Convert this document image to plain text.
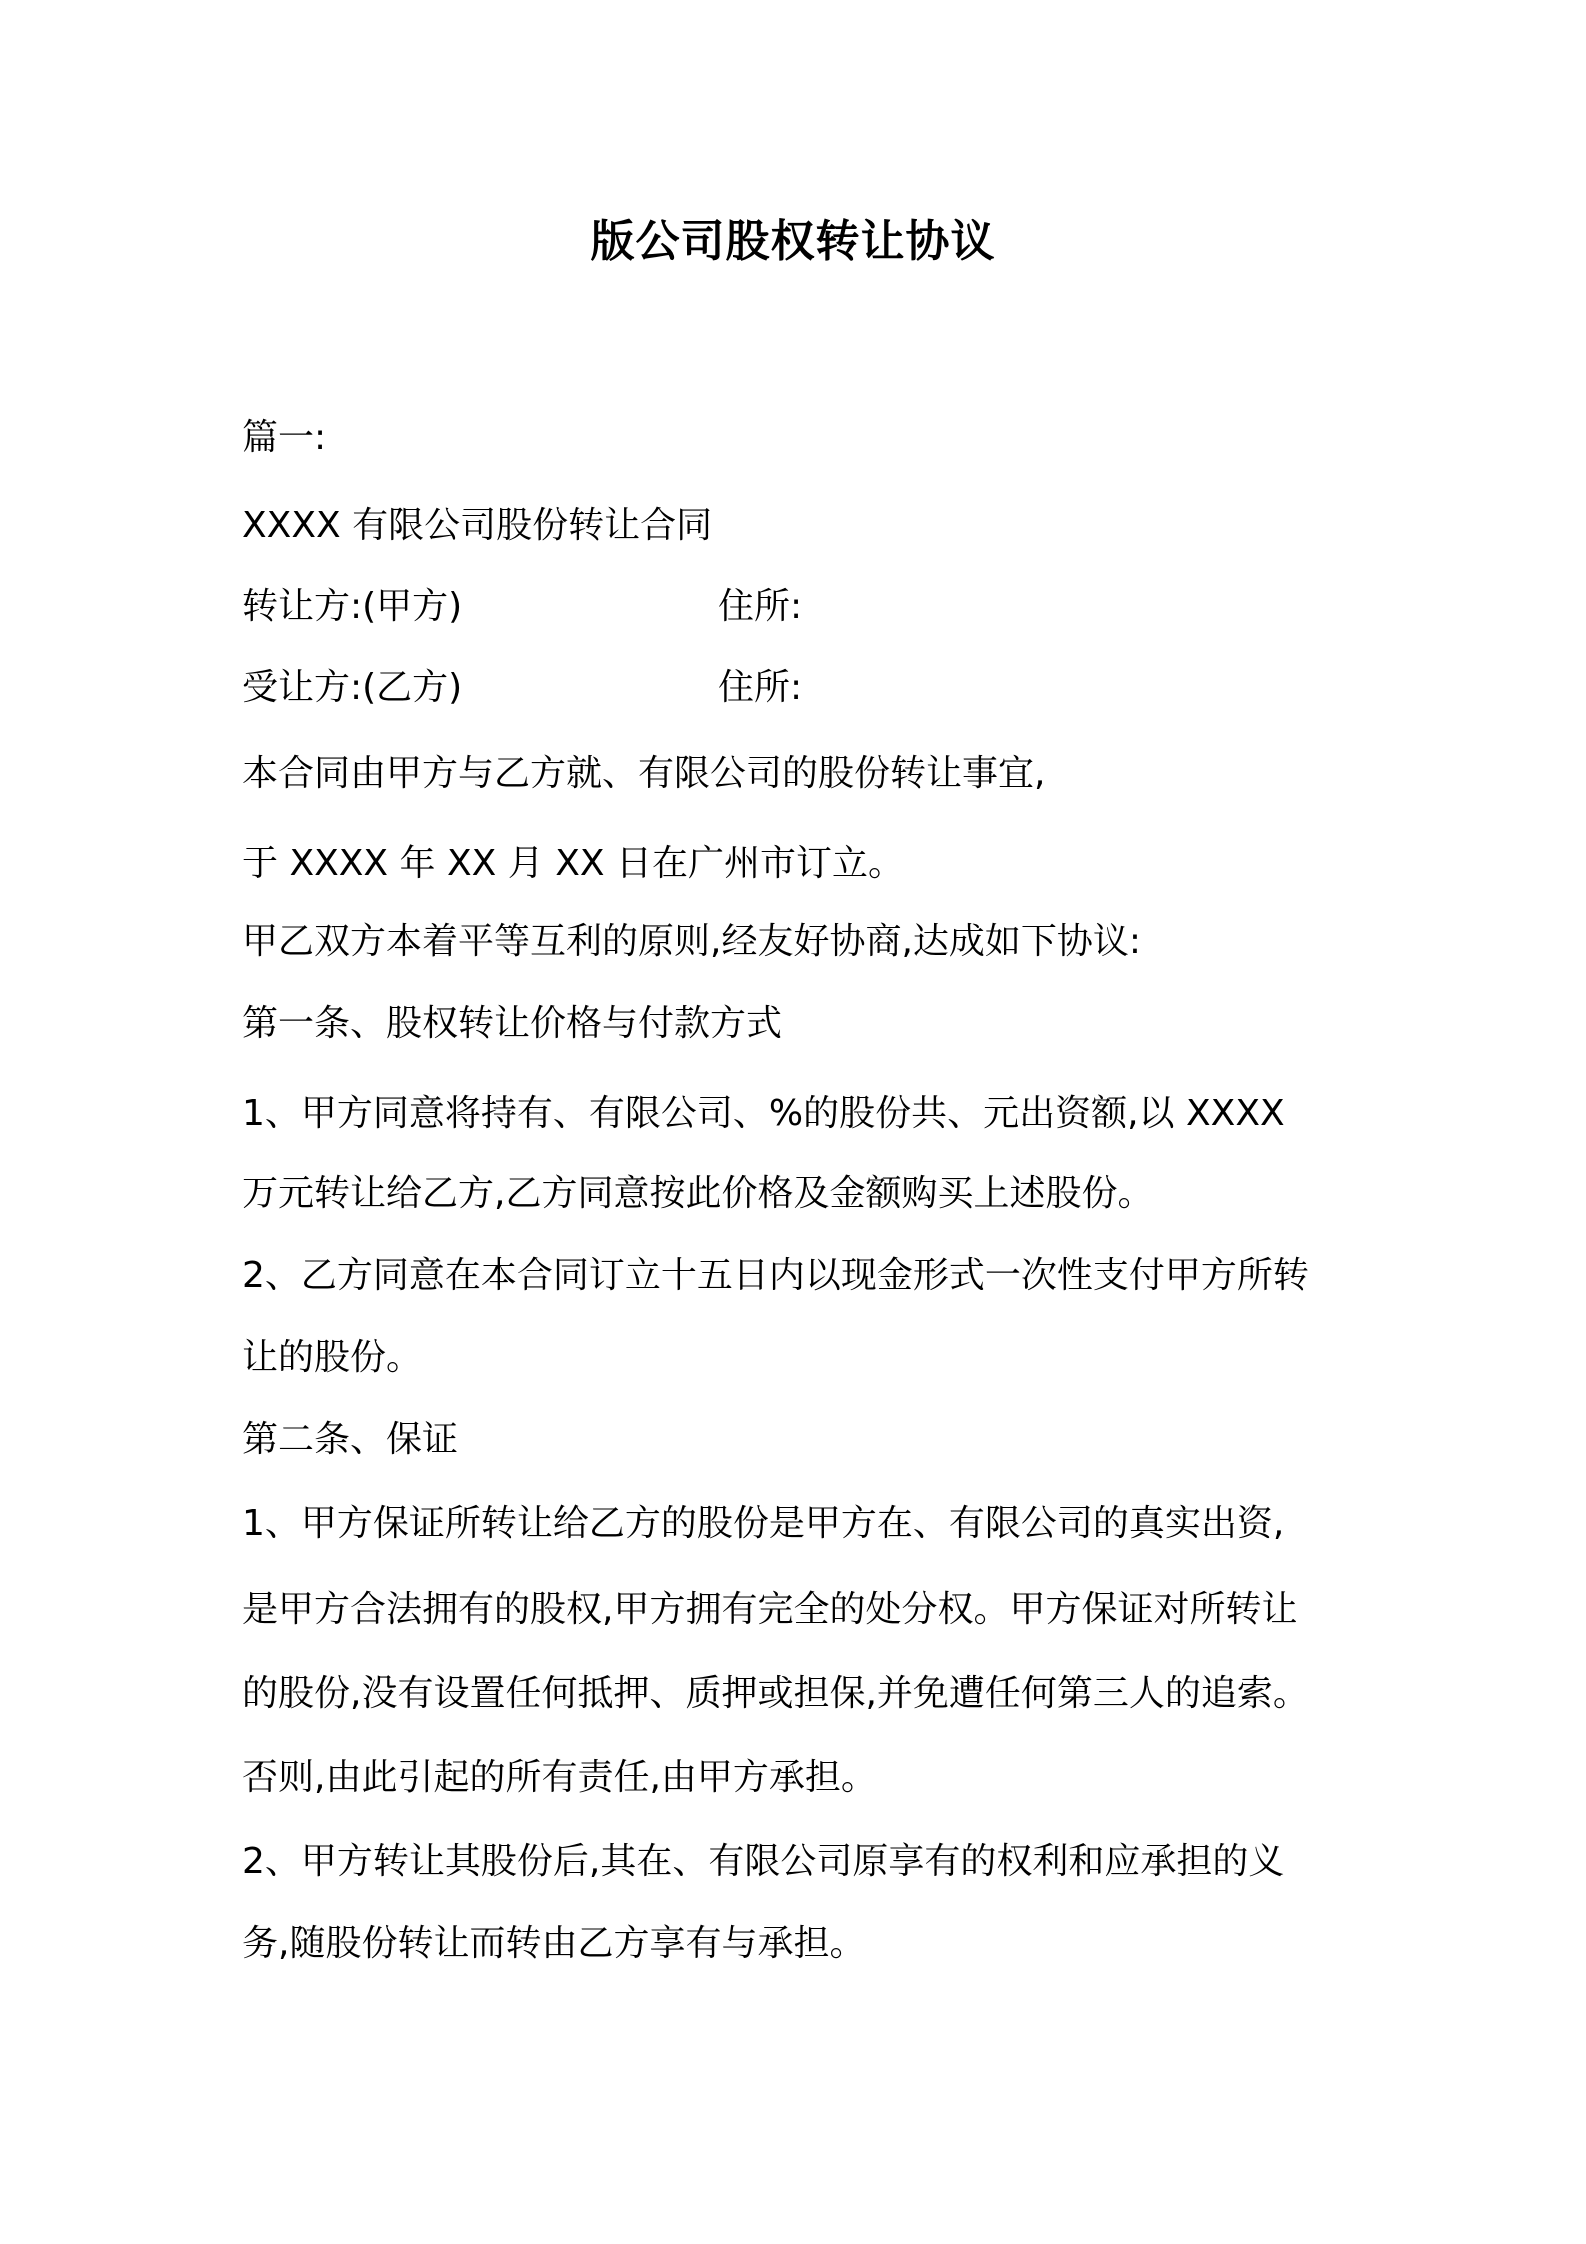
版公司股权转让协议
篇一:
XXXX 有限公司股份转让合同
转让方:(甲方)	住所:
受让方:(乙方)	住所:
本合同由甲方与乙方就、有限公司的股份转让事宜,
于 XXXX 年 XX 月 XX 日在广州市订立。
甲乙双方本着平等互利的原则,经友好协商,达成如下协议:
第一条、股权转让价格与付款方式
1、甲方同意将持有、有限公司、%的股份共、元出资额,以 XXXX
万元转让给乙方,乙方同意按此价格及金额购买上述股份。
2、乙方同意在本合同订立十五日内以现金形式一次性支付甲方所转
让的股份。
第二条、保证
1、甲方保证所转让给乙方的股份是甲方在、有限公司的真实出资,
是甲方合法拥有的股权,甲方拥有完全的处分权。甲方保证对所转让
的股份,没有设置任何抵押、质押或担保,并免遭任何第三人的追索。
否则,由此引起的所有责任,由甲方承担。
2、甲方转让其股份后,其在、有限公司原享有的权利和应承担的义
务,随股份转让而转由乙方享有与承担。
